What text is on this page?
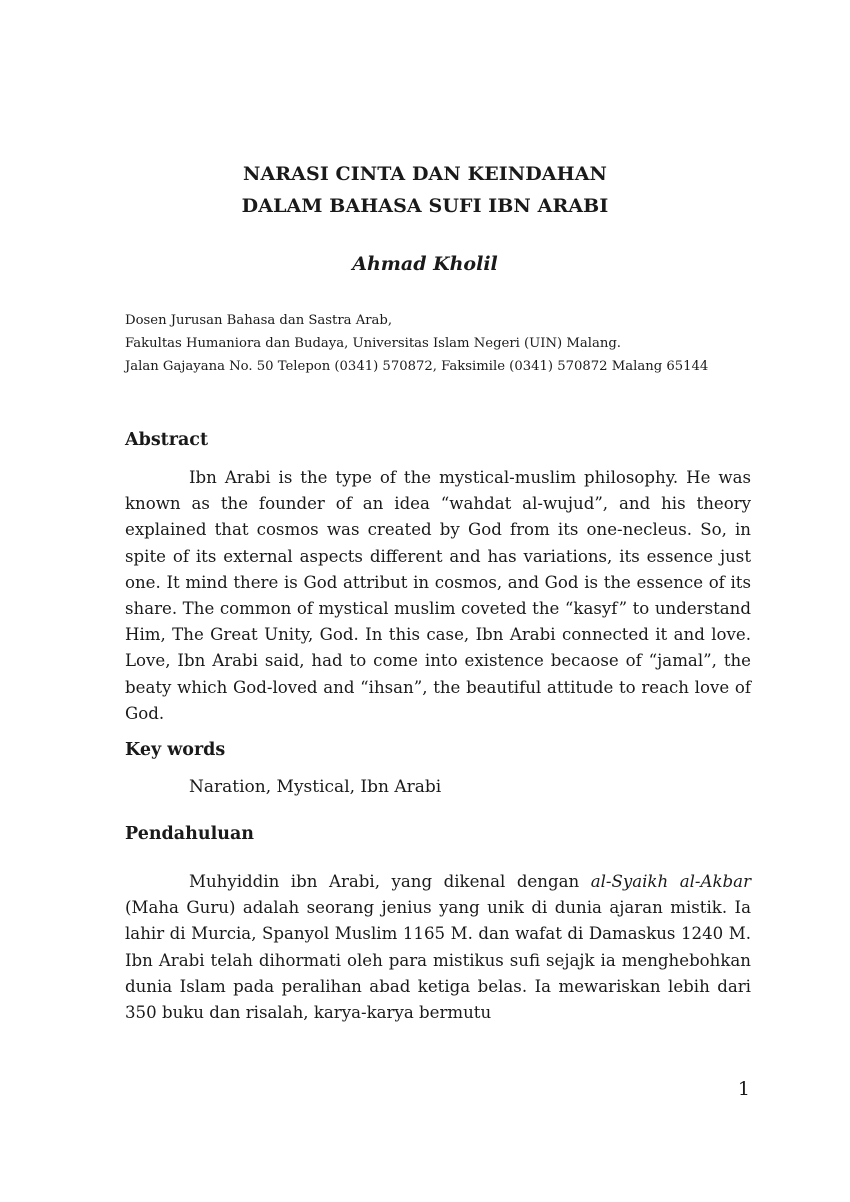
NARASI CINTA DAN KEINDAHAN
DALAM BAHASA SUFI IBN ARABI
Ahmad Kholil
Dosen Jurusan Bahasa dan Sastra Arab,
Fakultas Humaniora dan Budaya, Universitas Islam Negeri (UIN) Malang.
Jalan Gajayana No. 50 Telepon (0341) 570872, Faksimile (0341) 570872 Malang 65144
Abstract

Ibn Arabi is the type of the mystical-muslim philosophy. He was known as the founder of an idea “wahdat al-wujud”, and his theory explained that cosmos was created by God from its one-necleus. So, in spite of its external aspects different and has variations, its essence just one. It mind there is God attribut in cosmos, and God is the essence of its share. The common of mystical muslim coveted the “kasyf” to understand Him, The Great Unity, God. In this case, Ibn Arabi connected it and love. Love, Ibn Arabi said, had to come into existence becaose of “jamal”, the beaty which God-loved and “ihsan”, the beautiful attitude to reach love of God.

Key words
Naration, Mystical, Ibn Arabi
Pendahuluan

Muhyiddin ibn Arabi, yang dikenal dengan al-Syaikh al-Akbar (Maha Guru) adalah seorang jenius yang unik di dunia ajaran mistik. Ia lahir di Murcia, Spanyol Muslim 1165 M. dan wafat di Damaskus 1240 M. Ibn Arabi telah dihormati oleh para mistikus sufi sejajk ia menghebohkan dunia Islam pada peralihan abad ketiga belas. Ia mewariskan lebih dari 350 buku dan risalah, karya-karya bermutu

1
